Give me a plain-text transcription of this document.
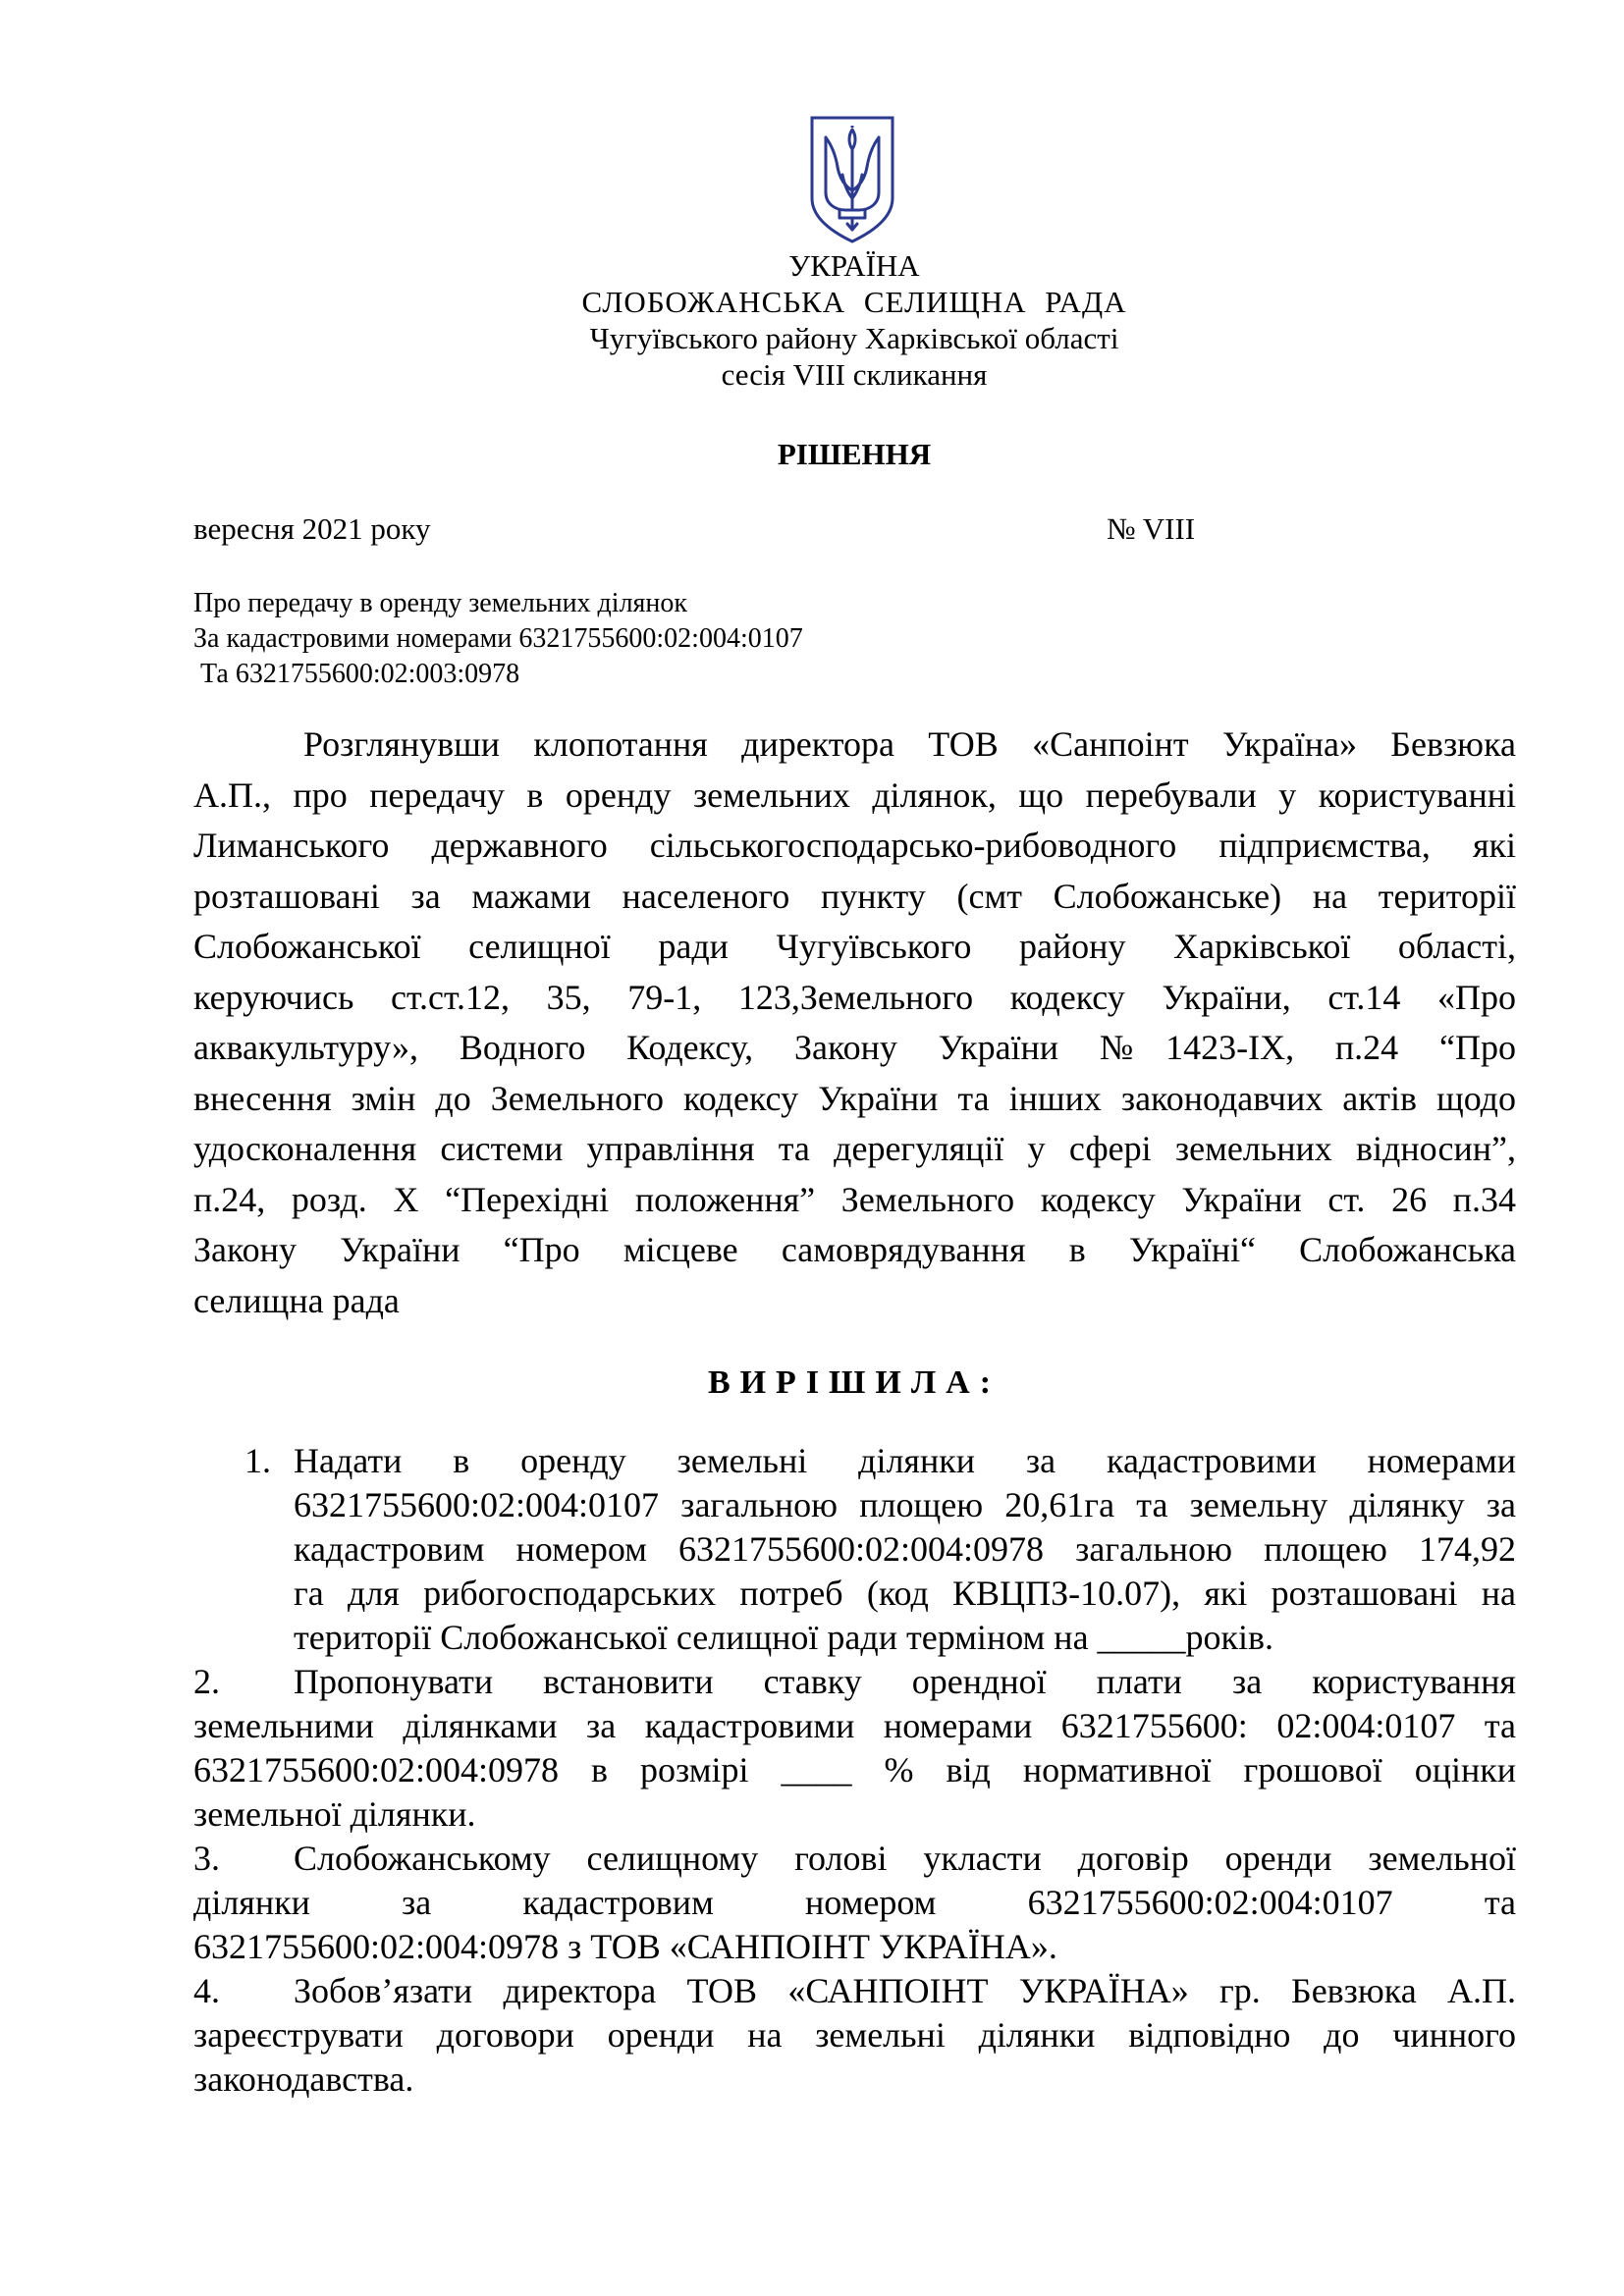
УКРАЇНА
СЛОБОЖАНСЬКА СЕЛИЩНА РАДА
Чугуївського району Харківської області
сесія VIII скликання
РІШЕННЯ
вересня 2021 року	№ VIII
Про передачу в оренду земельних ділянок
За кадастровими номерами 6321755600:02:004:0107
Та 6321755600:02:003:0978
Розглянувши клопотання директора ТОВ «Санпоінт Україна» Бевзюка
А.П., про передачу в оренду земельних ділянок, що перебували у користуванні
Лиманського державного сільськогосподарсько-рибоводного підприємства, які
розташовані за мажами населеного пункту (смт Слобожанське) на території
Слобожанської селищної ради Чугуївського району Харківської області,
керуючись ст.ст.12, 35, 79-1, 123,Земельного кодексу України, ст.14 «Про
аквакультуру», Водного Кодексу, Закону України №1423-IX, п.24 “Про
внесення змін до Земельного кодексу України та інших законодавчих актів щодо
удосконалення системи управління та дерегуляції у сфері земельних відносин”,
п.24, розд. X “Перехідні положення” Земельного кодексу України ст. 26 п.34
Закону України “Про місцеве самоврядування в Україні“ Слобожанська
селищна рада
ВИРІШИЛА:
1. Надати в оренду земельні ділянки за кадастровими номерами
6321755600:02:004:0107 загальною площею 20,61га та земельну ділянку за
кадастровим номером 6321755600:02:004:0978 загальною площею 174,92
га для рибогосподарських потреб (код КВЦПЗ-10.07), які розташовані на
території Слобожанської селищної ради терміном на _____років.
2.	Пропонувати встановити ставку орендної плати за користування
земельними ділянками за кадастровими номерами 6321755600: 02:004:0107 та
6321755600:02:004:0978 в розмірі ____ % від нормативної грошової оцінки
земельної ділянки.
3.	Слобожанському селищному голові укласти договір оренди земельної
ділянки за кадастровим номером 6321755600:02:004:0107 та
6321755600:02:004:0978 з ТОВ «САНПОІНТ УКРАЇНА».
4.	Зобов’язати директора ТОВ «САНПОІНТ УКРАЇНА» гр. Бевзюка А.П.
зареєструвати договори оренди на земельні ділянки відповідно до чинного
законодавства.
